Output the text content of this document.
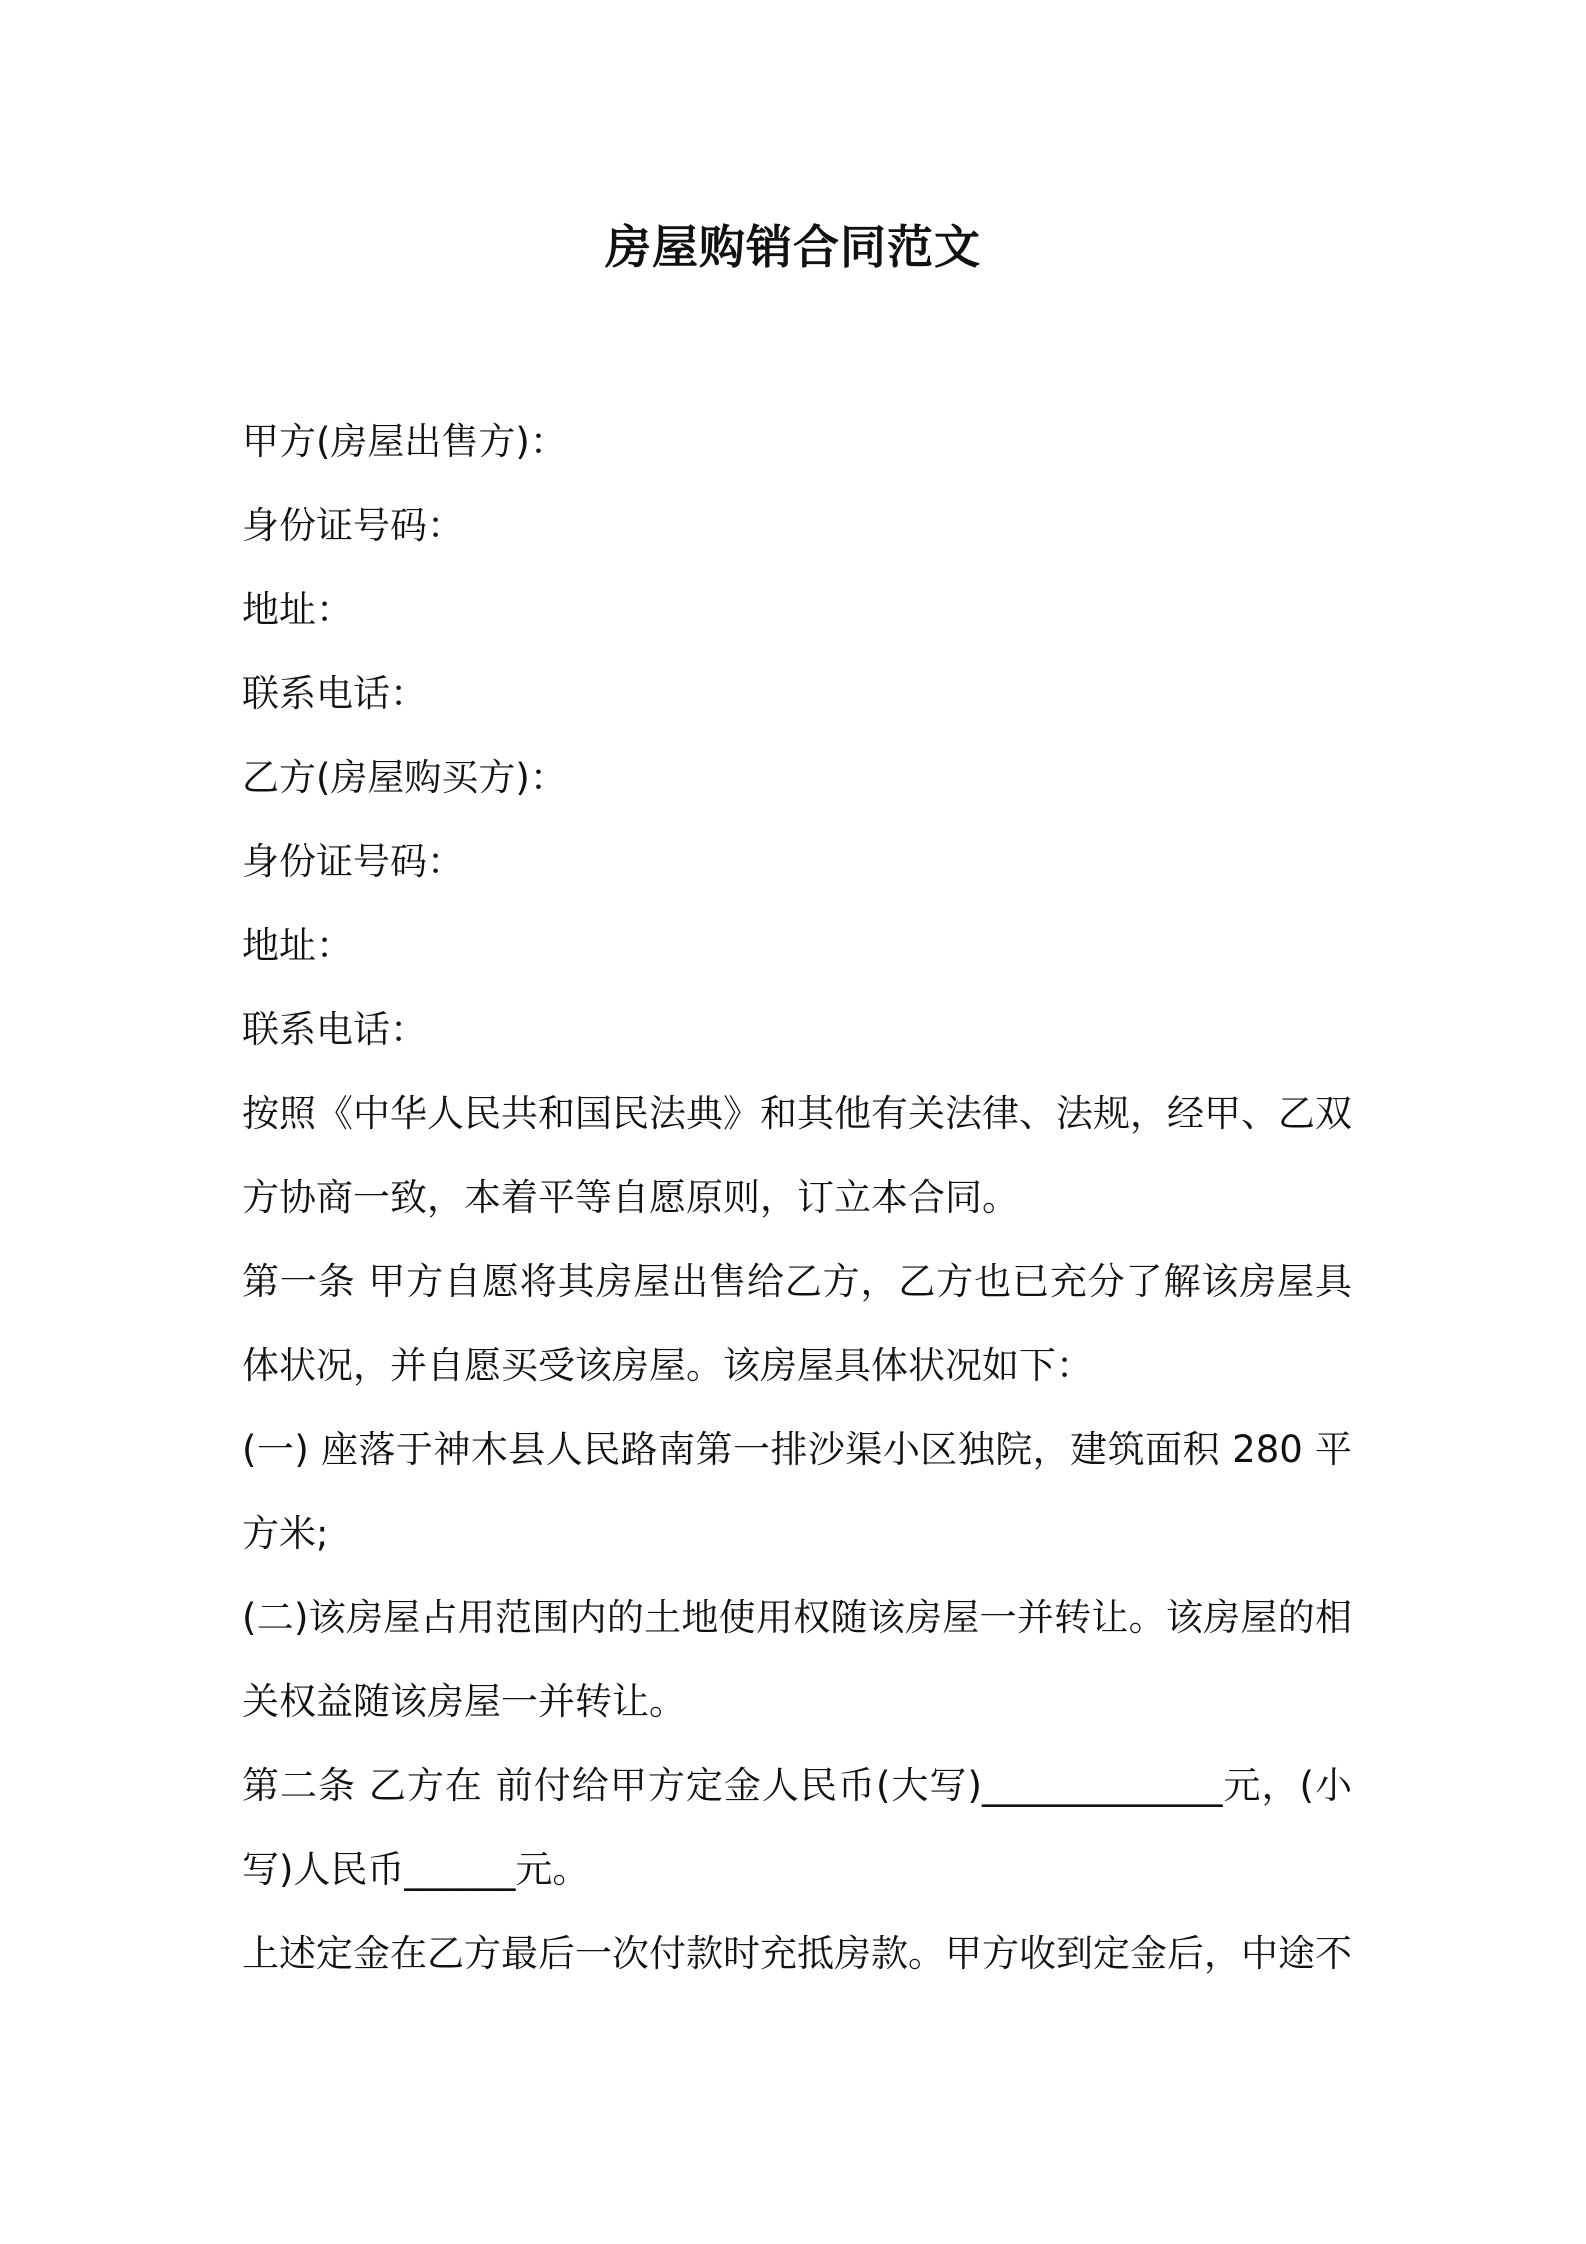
房屋购销合同范文
甲方(房屋出售方)：
身份证号码：
地址：
联系电话：
乙方(房屋购买方)：
身份证号码：
地址：
联系电话：
按照《中华人民共和国民法典》和其他有关法律、法规，经甲、乙双
方协商一致，本着平等自愿原则，订立本合同。
第一条 甲方自愿将其房屋出售给乙方，乙方也已充分了解该房屋具
体状况，并自愿买受该房屋。该房屋具体状况如下：
(一) 座落于神木县人民路南第一排沙渠小区独院，建筑面积 280 平
方米;
(二)该房屋占用范围内的土地使用权随该房屋一并转让。该房屋的相
关权益随该房屋一并转让。
第二条 乙方在 前付给甲方定金人民币(大写)_____________元，(小
写)人民币______元。
上述定金在乙方最后一次付款时充抵房款。甲方收到定金后，中途不
